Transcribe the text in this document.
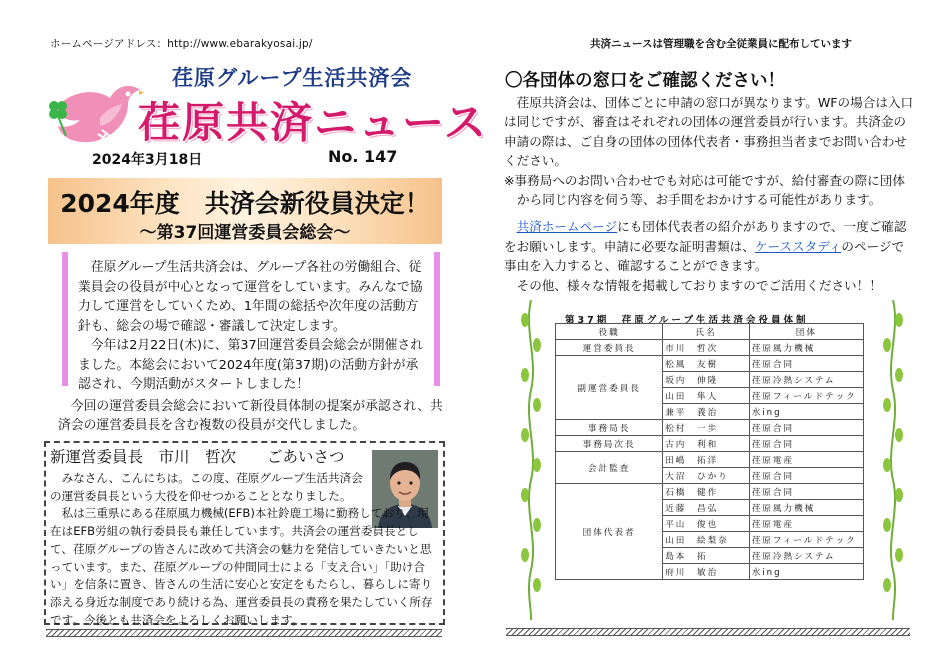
ホームページアドレス：http://www.ebarakyosai.jp/	共済ニュースは管理職を含む全従業員に配布しています
荏原グループ生活共済会
荏原共済ニュース
2024年3月18日	No. 147
2024年度　共済会新役員決定！
～第37回運営委員会総会～
　荏原グループ生活共済会は、グループ各社の労働組合、従業員会の役員が中心となって運営をしています。みんなで協力して運営をしていくため、1年間の総括や次年度の活動方針も、総会の場で確認・審議して決定します。
　今年は2月22日(木)に、第37回運営委員会総会が開催されました。本総会において2024年度(第37期)の活動方針が承認され、今期活動がスタートしました！
　今回の運営委員会総会において新役員体制の提案が承認され、共済会の運営委員長を含む複数の役員が交代しました。
新運営委員長　市川　哲次　　ごあいさつ
　みなさん、こんにちは。この度、荏原グループ生活共済会の運営委員長という大役を仰せつかることとなりました。
　私は三重県にある荏原風力機械(EFB)本社鈴鹿工場に勤務しており、現在はEFB労組の執行委員長も兼任しています。共済会の運営委員長として、荏原グループの皆さんに改めて共済会の魅力を発信していきたいと思っています。また、荏原グループの仲間同士による「支え合い」「助け合い」を信条に置き、皆さんの生活に安心と安定をもたらし、暮らしに寄り添える身近な制度であり続ける為、運営委員長の責務を果たしていく所存です。今後とも共済会をよろしくお願いします。
〇各団体の窓口をご確認ください！
　荏原共済会は、団体ごとに申請の窓口が異なります。WFの場合は入口は同じですが、審査はそれぞれの団体の運営委員が行います。共済金の申請の際は、ご自身の団体の団体代表者・事務担当者までお問い合わせください。
※事務局へのお問い合わせでも対応は可能ですが、給付審査の際に団体から同じ内容を伺う等、お手間をおかけする可能性があります。
　共済ホームページにも団体代表者の紹介がありますので、一度ご確認をお願いします。申請に必要な証明書類は、ケーススタディのページで事由を入力すると、確認することができます。
　その他、様々な情報を掲載しておりますのでご活用ください！！
第37期　荏原グループ生活共済会役員体制
役職	氏名	団体
運営委員長	市川　哲次	荏原風力機械
副運営委員長	松風　友樹	荏原合同
	坂内　伸隆	荏原冷熱システム
	山田　隼人	荏原フィールドテック
	兼平　義治	水ing
事務局長	松村　一歩	荏原合同
事務局次長	古内　利和	荏原合同
会計監査	田嶋　拓洋	荏原電産
	大沼　ひかり	荏原合同
団体代表者	石橋　健作	荏原合同
	近藤　昌弘	荏原風力機械
	平山　俊也	荏原電産
	山田　絵梨奈	荏原フィールドテック
	島本　拓	荏原冷熱システム
	府川　敏治	水ing
